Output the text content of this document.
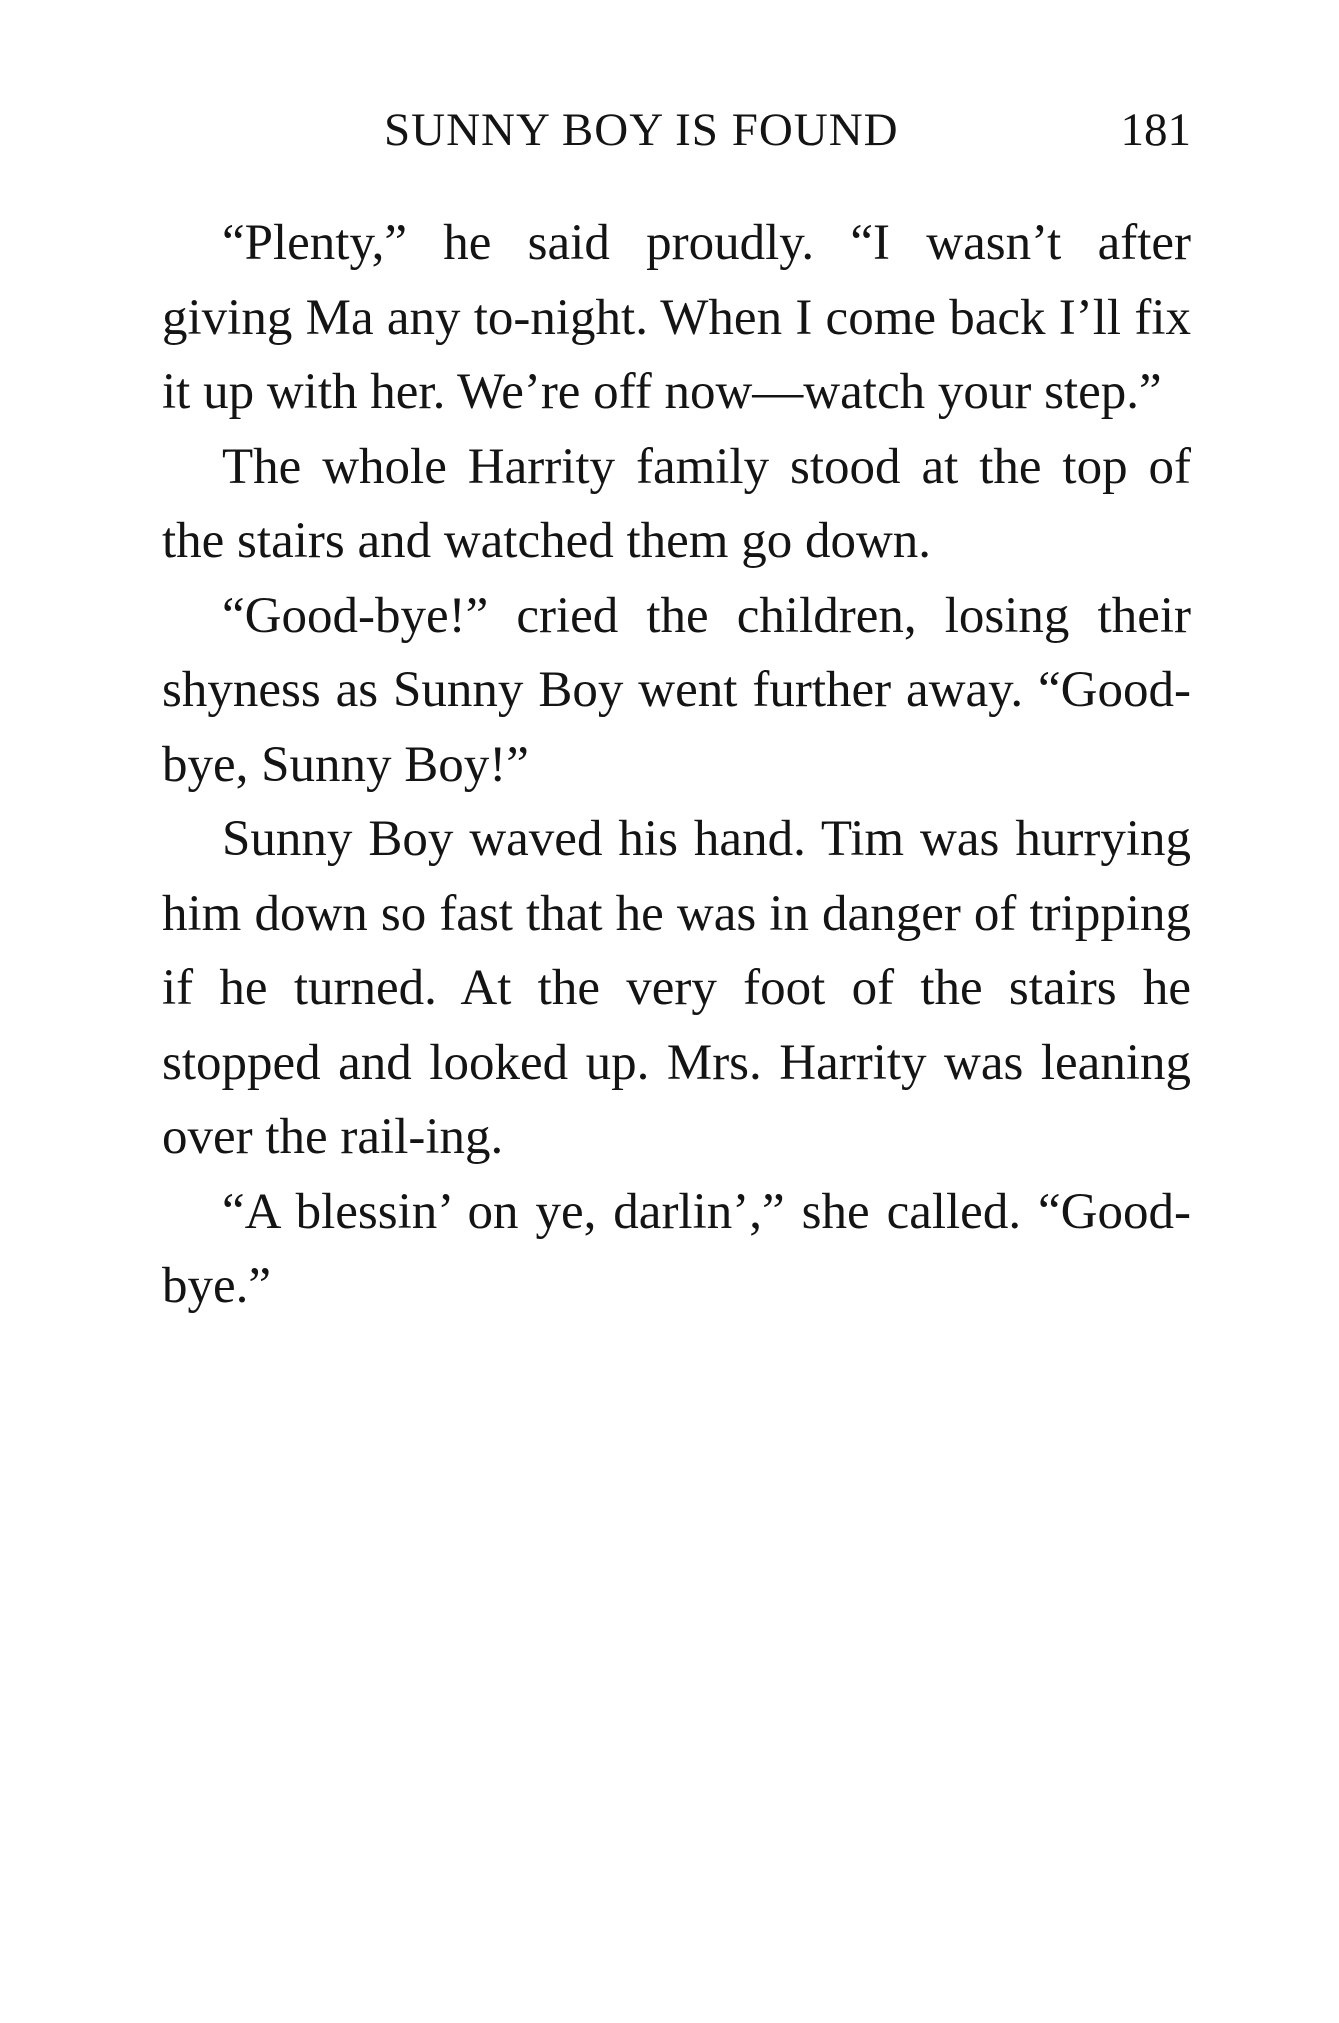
SUNNY BOY IS FOUND	181

“Plenty,” he said proudly. “I wasn’t after giving Ma any to-night. When I come back I’ll fix it up with her. We’re off now—watch your step.”

The whole Harrity family stood at the top of the stairs and watched them go down.

“Good-bye!” cried the children, losing their shyness as Sunny Boy went further away. “Good-bye, Sunny Boy!”

Sunny Boy waved his hand. Tim was hurrying him down so fast that he was in danger of tripping if he turned. At the very foot of the stairs he stopped and looked up. Mrs. Harrity was leaning over the rail-ing.

“A blessin’ on ye, darlin’,” she called. “Good-bye.”
